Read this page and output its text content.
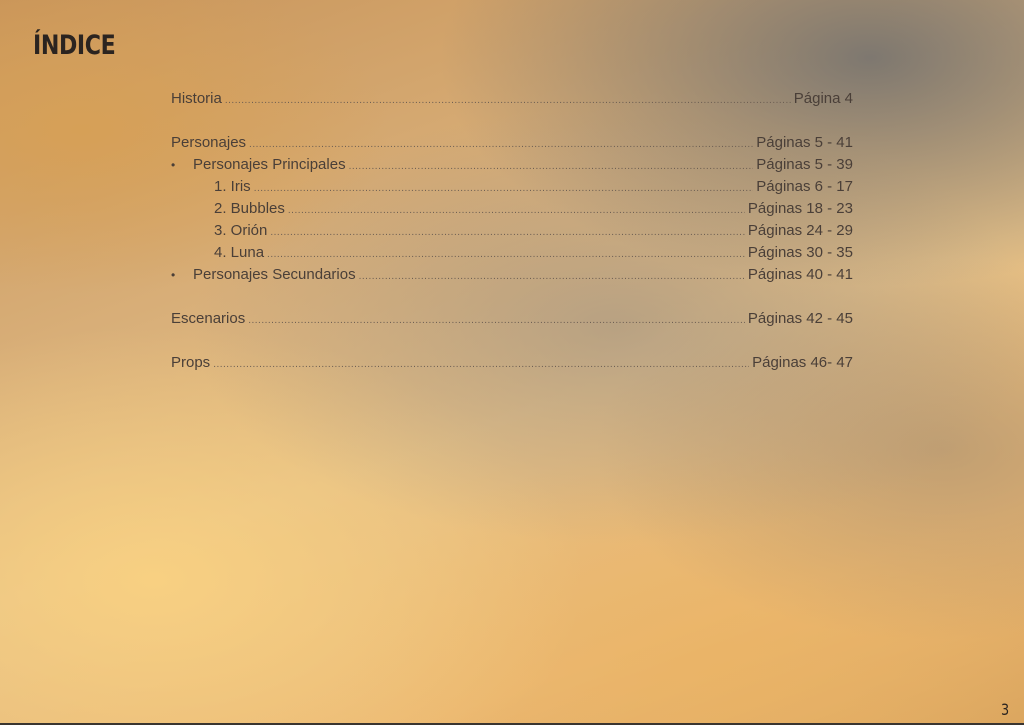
ÍNDICE
Historia .....	Página 4
Personajes .....	Páginas 5 - 41
• Personajes Principales .....	Páginas 5 - 39
1. Iris .....	Páginas 6 - 17
2. Bubbles .....	Páginas 18 - 23
3. Orión .....	Páginas 24 - 29
4. Luna .....	Páginas 30 - 35
• Personajes Secundarios .....	Páginas 40 - 41
Escenarios .....	Páginas 42 - 45
Props .....	Páginas 46- 47
3
